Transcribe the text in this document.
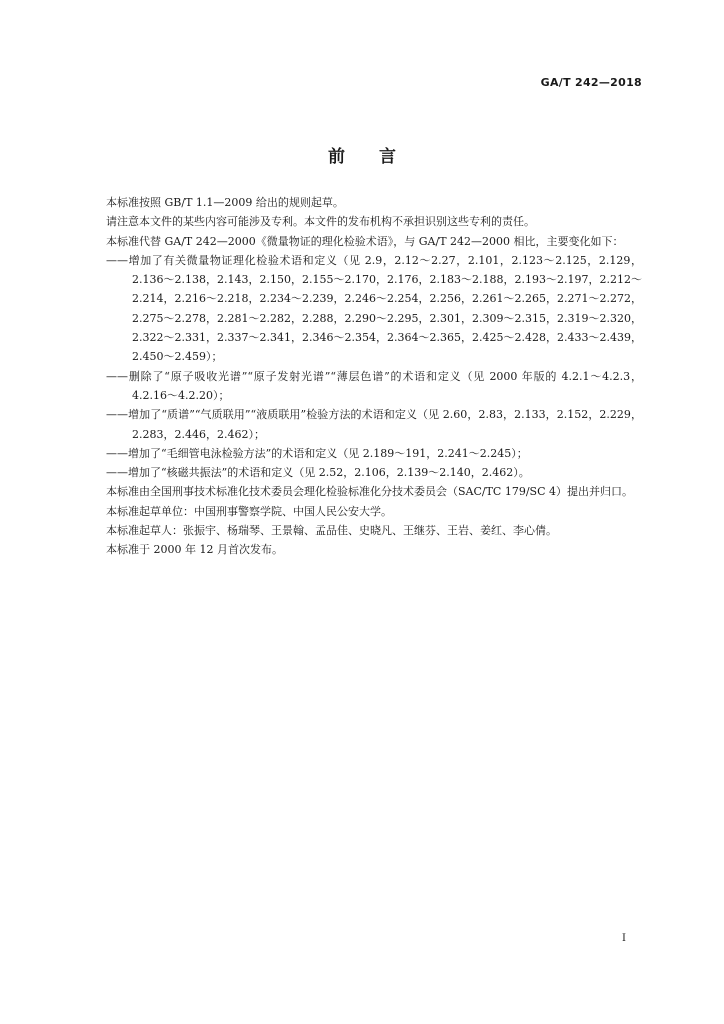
GA/T 242—2018
前言

本标准按照 GB/T 1.1—2009 给出的规则起草。

请注意本文件的某些内容可能涉及专利。本文件的发布机构不承担识别这些专利的责任。

本标准代替 GA/T 242—2000《微量物证的理化检验术语》，与 GA/T 242—2000 相比，主要变化如下：

——增加了有关微量物证理化检验术语和定义（见 2.9，2.12～2.27，2.101，2.123～2.125，2.129，2.136～2.138，2.143，2.150，2.155～2.170，2.176，2.183～2.188，2.193～2.197，2.212～2.214，2.216～2.218，2.234～2.239，2.246～2.254，2.256，2.261～2.265，2.271～2.272，2.275～2.278，2.281～2.282，2.288，2.290～2.295，2.301，2.309～2.315，2.319～2.320，2.322～2.331，2.337～2.341，2.346～2.354，2.364～2.365，2.425～2.428，2.433～2.439，2.450～2.459）；

——删除了“原子吸收光谱”“原子发射光谱”“薄层色谱”的术语和定义（见 2000 年版的 4.2.1～4.2.3，4.2.16～4.2.20）；

——增加了“质谱”“气质联用”“液质联用”检验方法的术语和定义（见 2.60，2.83，2.133，2.152，2.229，2.283，2.446，2.462）；

——增加了“毛细管电泳检验方法”的术语和定义（见 2.189～191，2.241～2.245）；

——增加了“核磁共振法”的术语和定义（见 2.52，2.106，2.139～2.140，2.462）。

本标准由全国刑事技术标准化技术委员会理化检验标准化分技术委员会（SAC/TC 179/SC 4）提出并归口。

本标准起草单位：中国刑事警察学院、中国人民公安大学。

本标准起草人：张振宇、杨瑞琴、王景翰、孟品佳、史晓凡、王继芬、王岩、姜红、李心倩。

本标准于 2000 年 12 月首次发布。

I
